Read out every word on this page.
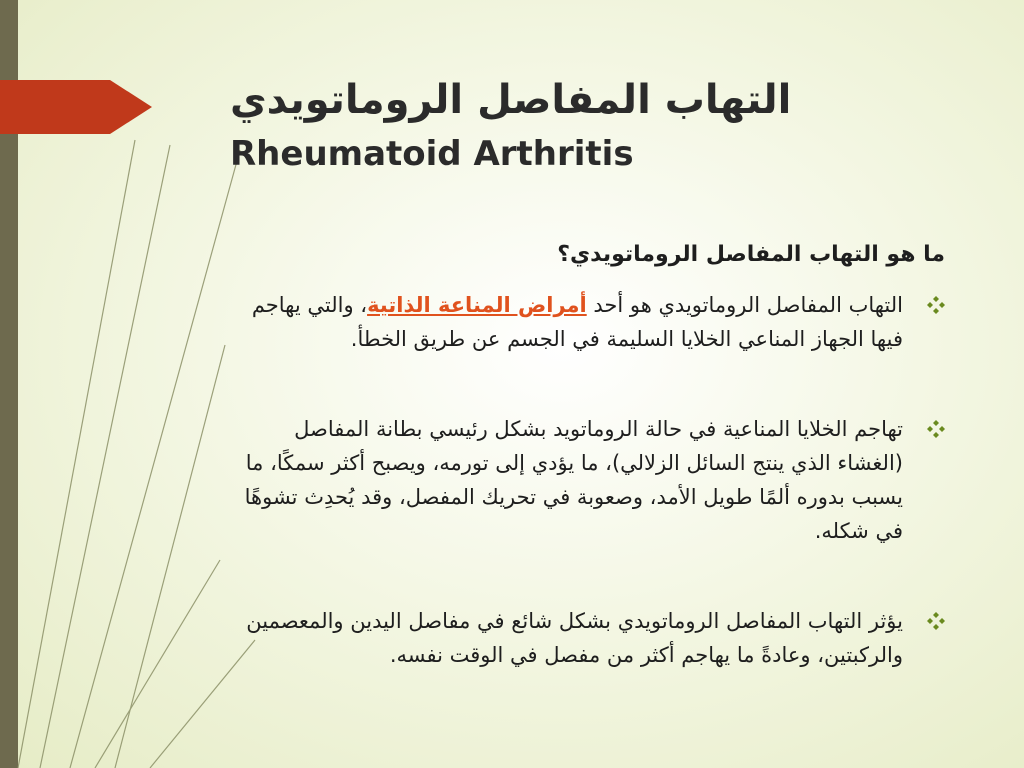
التهاب المفاصل الروماتويدي
Rheumatoid Arthritis
ما هو التهاب المفاصل الروماتويدي؟
التهاب المفاصل الروماتويدي هو أحد أمراض المناعة الذاتية، والتي يهاجم فيها الجهاز المناعي الخلايا السليمة في الجسم عن طريق الخطأ.
تهاجم الخلايا المناعية في حالة الروماتويد بشكل رئيسي بطانة المفاصل (الغشاء الذي ينتج السائل الزلالي)، ما يؤدي إلى تورمه، ويصبح أكثر سمكًا، ما يسبب بدوره ألمًا طويل الأمد، وصعوبة في تحريك المفصل، وقد يُحدِث تشوهًا في شكله.
يؤثر التهاب المفاصل الروماتويدي بشكل شائع في مفاصل اليدين والمعصمين والركبتين، وعادةً ما يهاجم أكثر من مفصل في الوقت نفسه.
